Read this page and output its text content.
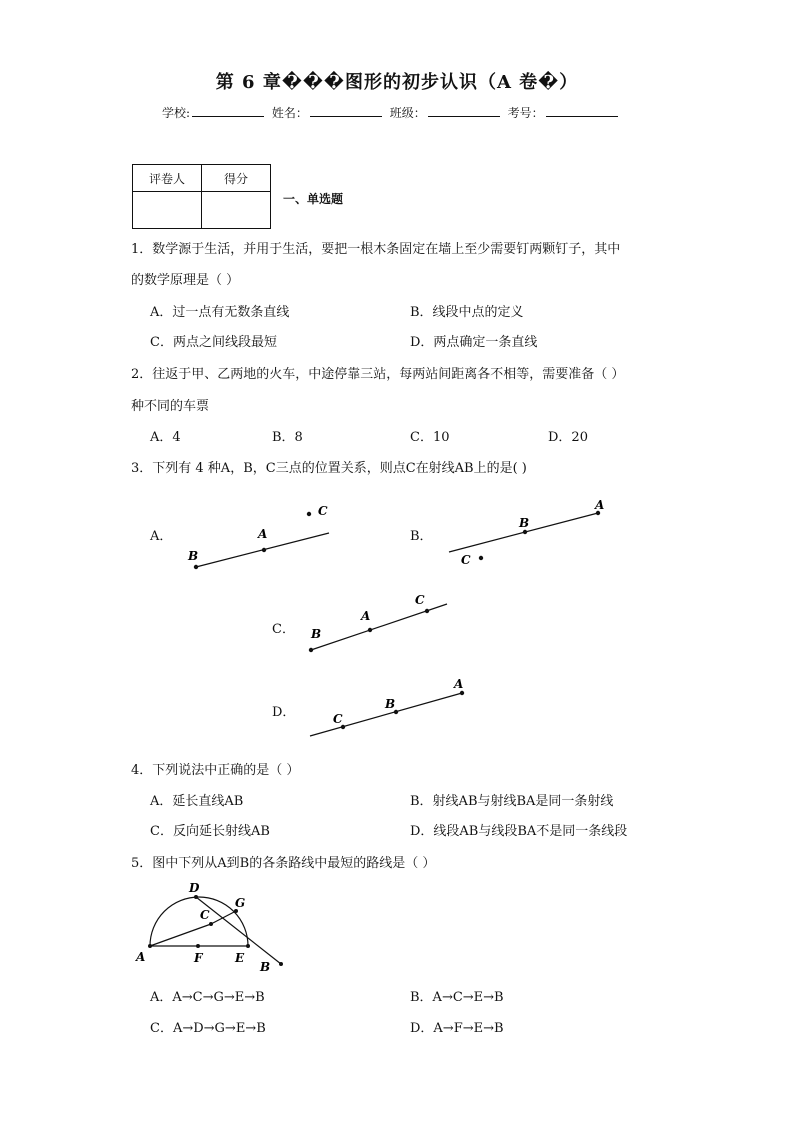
第 6 章���图形的初步认识（A 卷�）
学校:	姓名：	班级：	考号：
评卷人	得分

一、单选题
1．数学源于生活，并用于生活，要把一根木条固定在墙上至少需要钉两颗钉子，其中
的数学原理是（ ）
A．过一点有无数条直线	B．线段中点的定义
C．两点之间线段最短	D．两点确定一条直线
2．往返于甲、乙两地的火车，中途停靠三站，每两站间距离各不相等，需要准备（ ）
种不同的车票
A．4	B．8	C．10	D．20
3．下列有 4 种A，B，C三点的位置关系，则点C在射线AB上的是( )
A．
B
A
C
B．
B
A
C
C． B
A
C
D．	C
B
A
4．下列说法中正确的是（ ）
A．延长直线AB	B．射线AB与射线BA是同一条射线
C．反向延长射线AB	D．线段AB与线段BA不是同一条线段
5．图中下列从A到B的各条路线中最短的路线是（ ）
D
G
C
A	F	E
B
A．A→C→G→E→B	B．A→C→E→B
C．A→D→G→E→B	D．A→F→E→B
